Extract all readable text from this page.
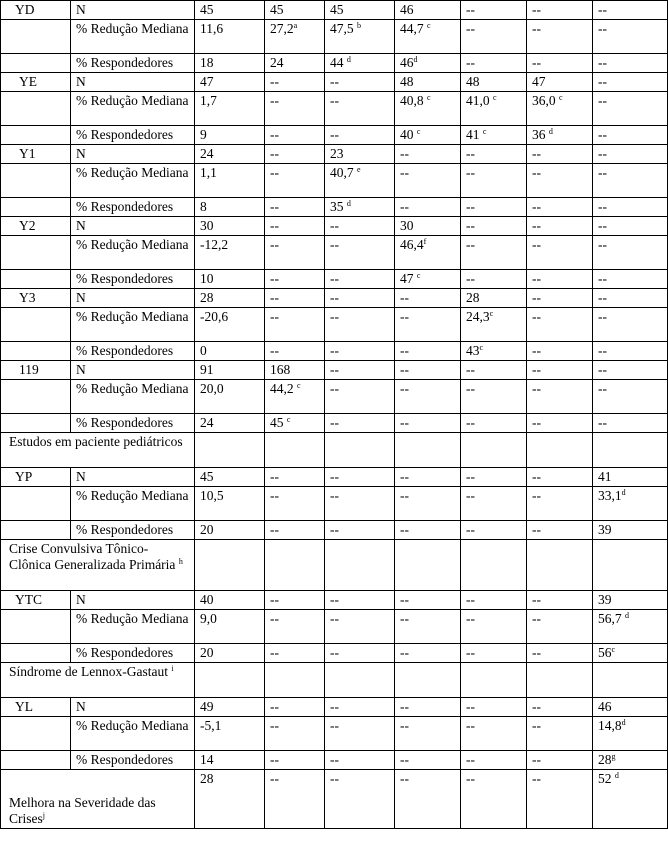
YD	N	45	45	45	46	--	--	--
	% Redução Mediana	11,6	27,2$^a$	47,5 $^b$	44,7 $^c$	--	--	--
	% Respondedores	18	24	44 $^d$	46$^d$	--	--	--
YE	N	47	--	--	48	48	47	--
	% Redução Mediana	1,7	--	--	40,8 $^c$	41,0 $^c$	36,0 $^c$	--
	% Respondedores	9	--	--	40 $^c$	41 $^c$	36 $^d$	--
Y1	N	24	--	23	--	--	--	--
	% Redução Mediana	1,1	--	40,7 $^e$	--	--	--	--
	% Respondedores	8	--	35 $^d$	--	--	--	--
Y2	N	30	--	--	30	--	--	--
	% Redução Mediana	-12,2	--	--	46,4$^f$	--	--	--
	% Respondedores	10	--	--	47 $^c$	--	--	--
Y3	N	28	--	--	--	28	--	--
	% Redução Mediana	-20,6	--	--	--	24,3$^c$	--	--
	% Respondedores	0	--	--	--	43$^c$	--	--
119	N	91	168	--	--	--	--	--
	% Redução Mediana	20,0	44,2 $^c$	--	--	--	--	--
	% Respondedores	24	45 $^c$	--	--	--	--	--
Estudos em paciente pediátricos								
YP	N	45	--	--	--	--	--	41
	% Redução Mediana	10,5	--	--	--	--	--	33,1$^d$
	% Respondedores	20	--	--	--	--	--	39
Crise Convulsiva Tônico-Clônica Generalizada Primária $^h$							
YTC	N	40	--	--	--	--	--	39
	% Redução Mediana	9,0	--	--	--	--	--	56,7 $^d$
	% Respondedores	20	--	--	--	--	--	56$^c$
Síndrome de Lennox-Gastaut $^i$							
YL	N	49	--	--	--	--	--	46
	% Redução Mediana	-5,1	--	--	--	--	--	14,8$^d$
	% Respondedores	14	--	--	--	--	--	28$^g$
Melhora na Severidade das Crises$^j$		28	--	--	--	--	--	52 $^d$
